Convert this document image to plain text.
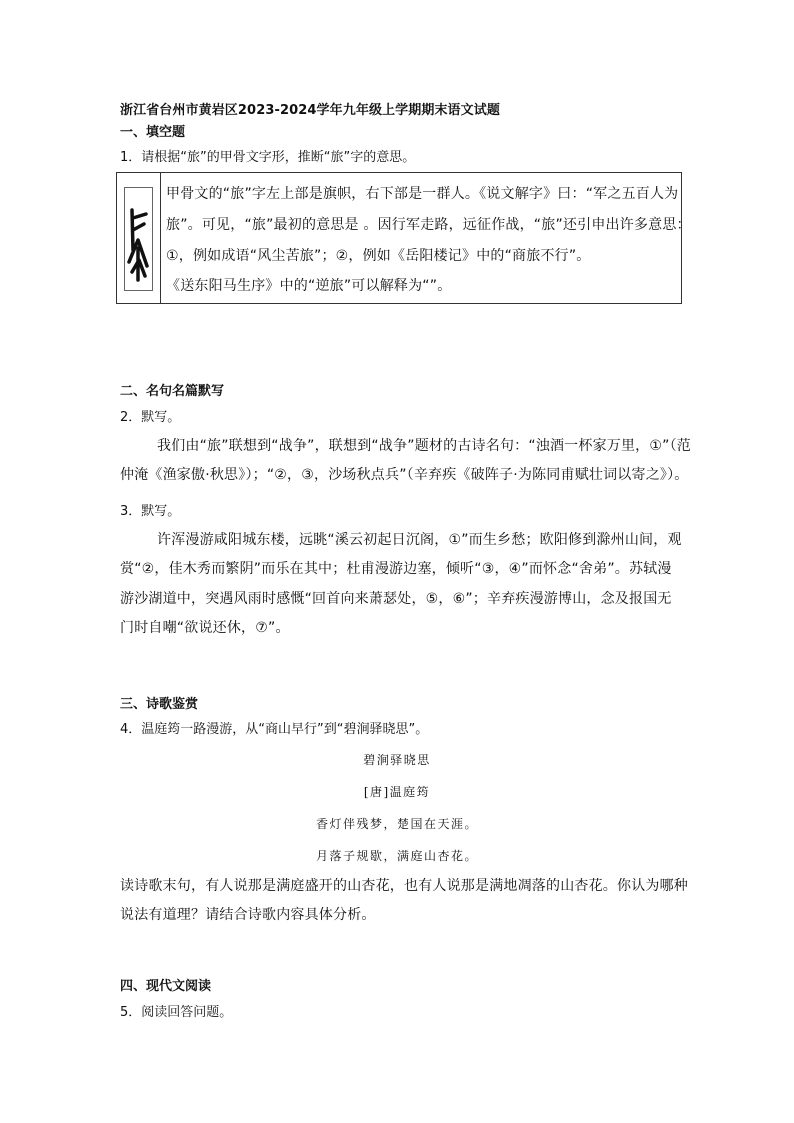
浙江省台州市黄岩区2023-2024学年九年级上学期期末语文试题
一、填空题
1．请根据“旅”的甲骨文字形，推断“旅”字的意思。
甲骨文的“旅”字左上部是旗帜，右下部是一群人。《说文解字》曰：“军之五百人为
旅”。可见，“旅”最初的意思是 。因行军走路，远征作战，“旅”还引申出许多意思：
①，例如成语“风尘苦旅”；②，例如《岳阳楼记》中的“商旅不行”。
《送东阳马生序》中的“逆旅”可以解释为“”。
二、名句名篇默写
2．默写。
我们由“旅”联想到“战争”，联想到“战争”题材的古诗名句：“浊酒一杯家万里，①”（范
仲淹《渔家傲·秋思》）；“②，③，沙场秋点兵”（辛弃疾《破阵子·为陈同甫赋壮词以寄之》）。
3．默写。
许浑漫游咸阳城东楼，远眺“溪云初起日沉阁，①”而生乡愁；欧阳修到滁州山间，观
赏“②，佳木秀而繁阴”而乐在其中；杜甫漫游边塞，倾听“③，④”而怀念“舍弟”。苏轼漫
游沙湖道中，突遇风雨时感慨“回首向来萧瑟处，⑤，⑥”；辛弃疾漫游博山，念及报国无
门时自嘲“欲说还休，⑦”。
三、诗歌鉴赏
4．温庭筠一路漫游，从“商山早行”到“碧涧驿晓思”。
碧涧驿晓思
[唐]温庭筠
香灯伴残梦，楚国在天涯。
月落子规歇，满庭山杏花。
读诗歌末句，有人说那是满庭盛开的山杏花，也有人说那是满地凋落的山杏花。你认为哪种
说法有道理？请结合诗歌内容具体分析。
四、现代文阅读
5．阅读回答问题。
